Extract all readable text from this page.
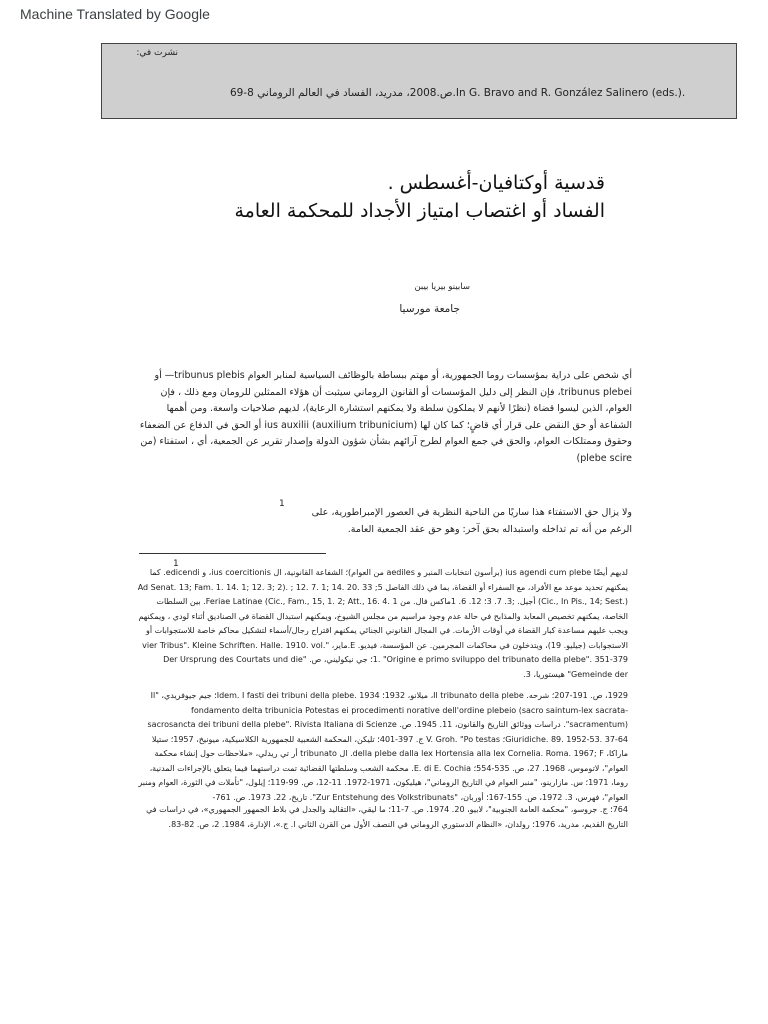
Machine Translated by Google
نشرت في:
69-8 ص.2008، مدريد، الفساد في العالم الروماني.In G. Bravo and R. González Salinero (eds.).
قدسية أوكتافيان-أغسطس .
الفساد أو اغتصاب امتياز الأجداد للمحكمة العامة
سابينو بيريا بيبن
جامعة مورسيا
أي شخص على دراية بمؤسسات روما الجمهورية، أو مهتم ببساطة بالوظائف السياسية لمنابر العوام tribunus plebis— أو tribunus plebei، فإن النظر إلى دليل المؤسسات أو القانون الروماني سيثبت أن هؤلاء الممثلين للرومان ومع ذلك ، فإن العوام، الذين ليسوا قضاة (نظرًا لأنهم لا يملكون سلطة ولا يمكنهم استشارة الرعاية)، لديهم صلاحيات واسعة. ومن أهمها الشفاعة أو حق النقض على قرار أي قاضٍ؛ كما كان لها ius auxilii (auxilium tribunicium) أو الحق في الدفاع عن الضعفاء وحقوق وممتلكات العوام، والحق في جمع العوام لطرح آرائهم بشأن شؤون الدولة وإصدار تقرير عن الجمعية، أي ، استفتاء (من plebe scire)
1
ولا يزال حق الاستفتاء هذا ساريًا من الناحية النظرية في العصور الإمبراطورية، على الرغم من أنه تم تداخله واستبداله بحق آخر: وهو حق عقد الجمعية العامة.
1
لديهم أيضًا ius agendi cum plebe (برأسون انتخابات المنبر و aediles من العوام)؛ الشفاعة القانونية، ال ius coercitionis، و edicendi. كما يمكنهم تحديد موعد مع الأفراد، مع السفراء أو القضاة، بما في ذلك الفاصل 5; Ad Senat. 13; Fam. 1. 14. 1; 12. 3; 2). ; 12. 7. 1; 14. 20. 33 (Cic., In Pis., 14; Sest.) أجيل. ;3. 7. 3؛ 12. 6. 1ماكس فال. من Feriae Latinae (Cic., Fam., 15, 1. 2; Att., 16. 4. 1. بين السلطات الخاصة، يمكنهم تخصيص المعابد والمذابح في حالة عدم وجود مراسيم من مجلس الشيوخ، ويمكنهم استبدال القضاة في الصناديق أثناء لودي ، ويمكنهم ويجب عليهم مساعدة كبار القضاة في أوقات الأزمات. في المجال القانوني الجنائي يمكنهم اقتراح رجال/أسماء لتشكيل محاكم خاصة للاستجوابات أو الاستجوابات (جيليو. 19)، ويتدخلون في محاكمات المجرمين. عن المؤسسة، فيديو. E.ماير، "vier Tribus". Kleine Schriften. Halle. 1910. vol. 1. "Origine e primo sviluppo del tribunato della plebe". 351-379؛ جي نيكوليني، ص. "Der Ursprung des Courtats und die Gemeinde der" هيستوريا، 3.
1929، ص. 191-207؛ شرحه. Il tribunato della plebe، ميلانو، 1932؛ Idem. I fasti dei tribuni della plebe. 1934؛ جيم جيوفريدي، "Il fondamento delta tribunicia Potestas ei procedimenti norative dell'ordine plebeio (sacro saintum-lex sacrata-sacramentum)". دراسات ووثائق التاريخ والقانون، 11. 1945. ص. sacrosancta dei tribuni della plebe". Rivista Italiana di Scienze Giuridiche. 89. 1952-53. 37-64؛ V. Groh. "Po testas ج. 397-401؛ تليكن، المحكمة الشعبية للجمهورية الكلاسيكية، ميونيخ، 1957؛ ستيلا ماراكا، della plebe dalla lex Hortensia alla lex Cornelia. Roma. 1967; F. ال tribunato أر تي ريدلي، «ملاحظات حول إنشاء محكمة العوام"، لاتوموس، 1968. 27، ص. 535-554؛ E. di E. Cochia. محكمة الشعب وسلطتها القضائية تمت دراستهما فيما يتعلق بالإجراءات المدنية، روما، 1971؛ س. مازارينو، "منبر العوام في التاريخ الروماني"، هيليكون، 1971-1972. 11-12، ص. 99-119؛ إيلول، "تأملات في الثورة، العوام ومنبر العوام"، فهرس، 3. 1972، ص. 155-167؛ أوربان، "Zur Entstehung des Volkstribunats". تاريخ، 22. 1973. ص. 761-
764؛ ج. جروسو، "محكمة العامة الجنوبية"، لابيو، 20. 1974. ص. 7-11؛ ما ليقي، «التقاليد والجدل في بلاط الجمهور الجمهوري»، في دراسات في التاريخ القديم، مدريد، 1976؛ رولدان، «النظام الدستوري الروماني في النصف الأول من القرن الثاني ا. ج.»، الإدارة، 1984. 2، ص. 82-83.
